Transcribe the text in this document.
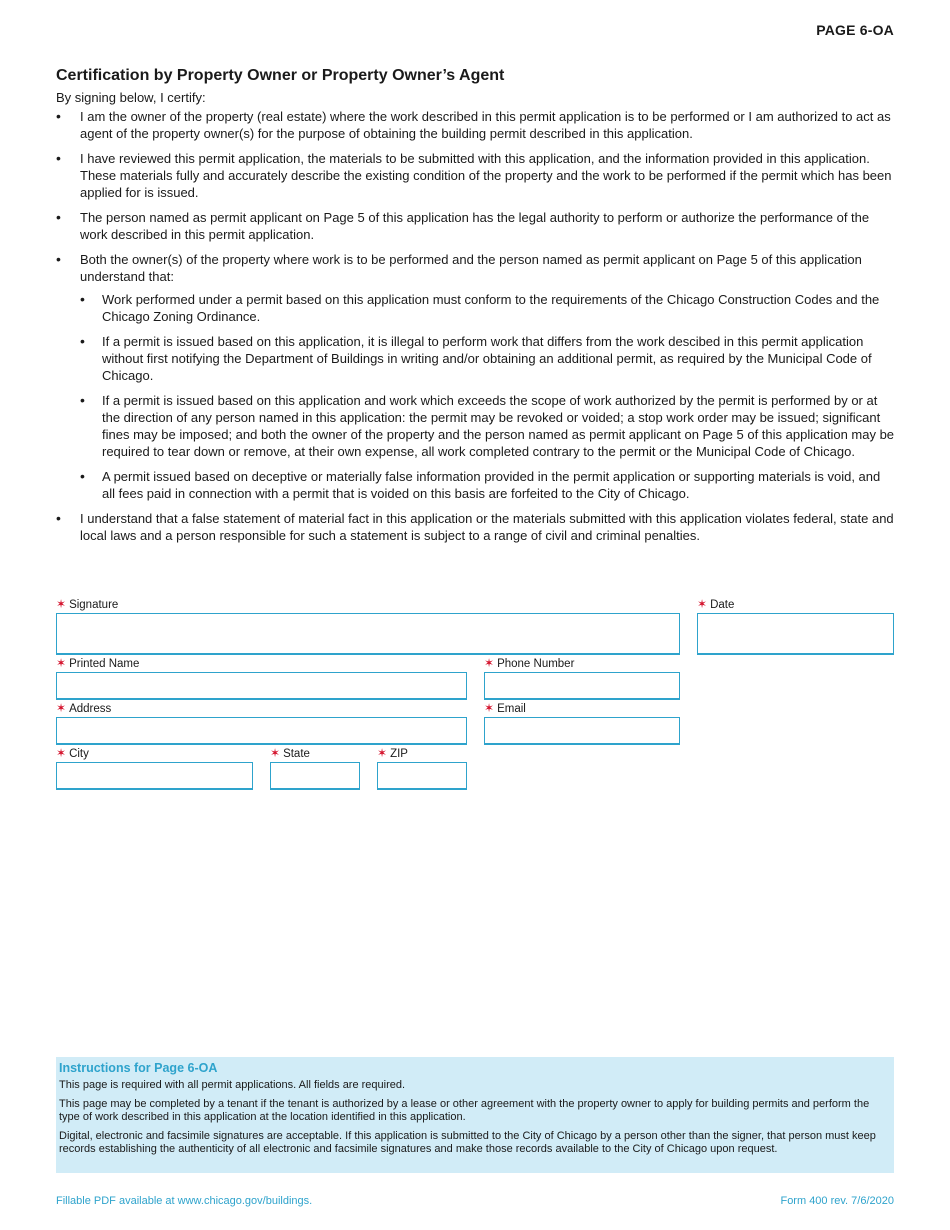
PAGE 6-OA
Certification by Property Owner or Property Owner’s Agent

By signing below, I certify:

• I am the owner of the property (real estate) where the work described in this permit application is to be performed or I am authorized to act as agent of the property owner(s) for the purpose of obtaining the building permit described in this application.
• I have reviewed this permit application, the materials to be submitted with this application, and the information provided in this application. These materials fully and accurately describe the existing condition of the property and the work to be performed if the permit which has been applied for is issued.
• The person named as permit applicant on Page 5 of this application has the legal authority to perform or authorize the performance of the work described in this permit application.
• Both the owner(s) of the property where work is to be performed and the person named as permit applicant on Page 5 of this application understand that:
• Work performed under a permit based on this application must conform to the requirements of the Chicago Construction Codes and the Chicago Zoning Ordinance.
• If a permit is issued based on this application, it is illegal to perform work that differs from the work descibed in this permit application without first notifying the Department of Buildings in writing and/or obtaining an additional permit, as required by the Municipal Code of Chicago.
• If a permit is issued based on this application and work which exceeds the scope of work authorized by the permit is performed by or at the direction of any person named in this application: the permit may be revoked or voided; a stop work order may be issued; significant fines may be imposed; and both the owner of the property and the person named as permit applicant on Page 5 of this application may be required to tear down or remove, at their own expense, all work completed contrary to the permit or the Municipal Code of Chicago.
• A permit issued based on deceptive or materially false information provided in the permit application or supporting materials is void, and all fees paid in connection with a permit that is voided on this basis are forfeited to the City of Chicago.
• I understand that a false statement of material fact in this application or the materials submitted with this application violates federal, state and local laws and a person responsible for such a statement is subject to a range of civil and criminal penalties.
✶ Signature	✶ Date
✶ Printed Name	✶ Phone Number
✶ Address	✶ Email
✶ City	✶ State	✶ ZIP
Instructions for Page 6-OA

This page is required with all permit applications. All fields are required.

This page may be completed by a tenant if the tenant is authorized by a lease or other agreement with the property owner to apply for building permits and perform the type of work described in this application at the location identified in this application.

Digital, electronic and facsimile signatures are acceptable. If this application is submitted to the City of Chicago by a person other than the signer, that person must keep records establishing the authenticity of all electronic and facsimile signatures and make those records available to the City of Chicago upon request.

Fillable PDF available at www.chicago.gov/buildings.	Form 400 rev. 7/6/2020
